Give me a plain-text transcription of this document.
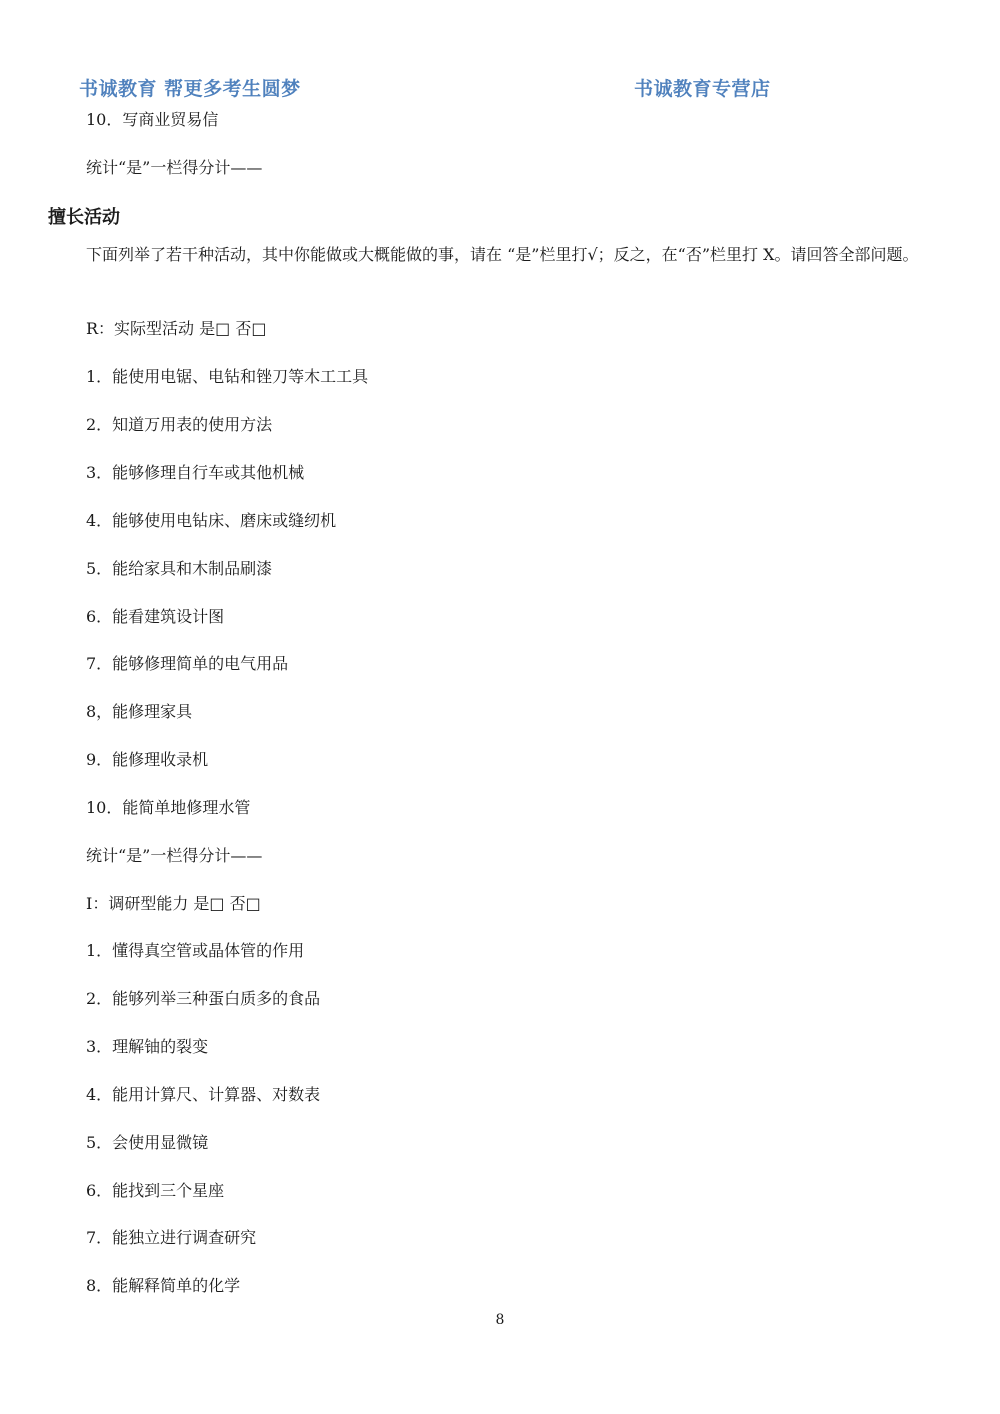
书诚教育 帮更多考生圆梦	书诚教育专营店
10．写商业贸易信
统计“是”一栏得分计——
擅长活动
下面列举了若干种活动，其中你能做或大概能做的事，请在 “是”栏里打√；反之，在“否”栏里打 X。请回答全部问题。
R：实际型活动 是□ 否□
1．能使用电锯、电钻和锉刀等木工工具
2．知道万用表的使用方法
3．能够修理自行车或其他机械
4．能够使用电钻床、磨床或缝纫机
5．能给家具和木制品刷漆
6．能看建筑设计图
7．能够修理简单的电气用品
8，能修理家具
9．能修理收录机
10．能简单地修理水管
统计“是”一栏得分计——
I：调研型能力 是□ 否□
1．懂得真空管或晶体管的作用
2．能够列举三种蛋白质多的食品
3．理解铀的裂变
4．能用计算尺、计算器、对数表
5．会使用显微镜
6．能找到三个星座
7．能独立进行调查研究
8．能解释简单的化学
8
